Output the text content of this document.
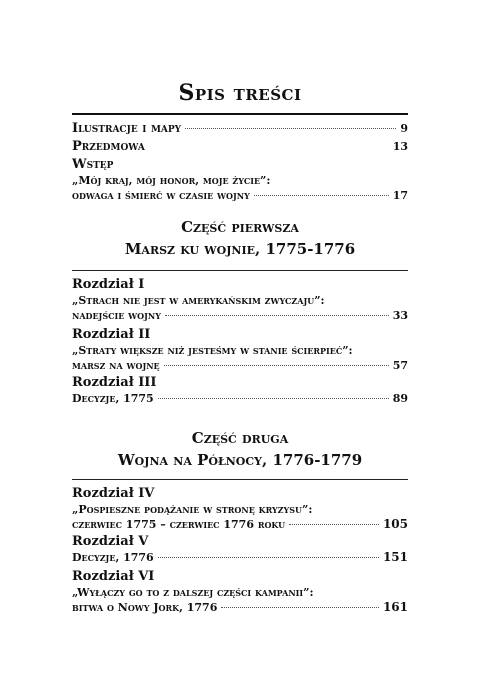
Spis treści
Ilustracje i mapy	9
Przedmowa	13
Wstęp
„Mój kraj, mój honor, moje życie”:
odwaga i śmierć w czasie wojny	17
Część pierwsza
Marsz ku wojnie, 1775-1776
Rozdział I
„Strach nie jest w amerykańskim zwyczaju”:
nadejście wojny	33
Rozdział II
„Straty większe niż jesteśmy w stanie ścierpieć”:
marsz na wojnę	57
Rozdział III
Decyzje, 1775	89
Część druga
Wojna na Północy, 1776-1779
Rozdział IV
„Pospieszne podążanie w stronę kryzysu”:
czerwiec 1775 – czerwiec 1776 roku	105
Rozdział V
Decyzje, 1776	151
Rozdział VI
„Wyłączy go to z dalszej części kampanii”:
bitwa o Nowy Jork, 1776	161
